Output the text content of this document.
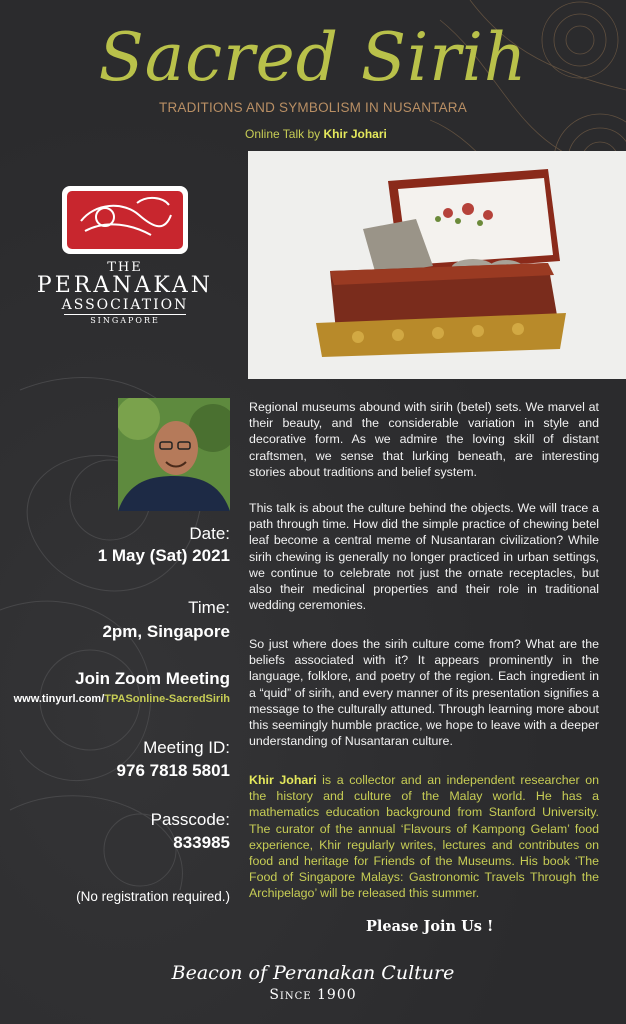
Sacred Sirih
TRADITIONS AND SYMBOLISM IN NUSANTARA
Online Talk by Khir Johari
THE
PERANAKAN
ASSOCIATION
SINGAPORE
Date:
1 May (Sat) 2021
Time:
2pm, Singapore
Join Zoom Meeting
www.tinyurl.com/TPASonline-SacredSirih
Meeting ID:
976 7818 5801
Passcode:
833985
(No registration required.)
Regional museums abound with sirih (betel) sets. We marvel at their beauty, and the considerable variation in style and decorative form. As we admire the loving skill of distant craftsmen, we sense that lurking beneath, are interesting stories about traditions and belief system.
This talk is about the culture behind the objects. We will trace a path through time. How did the simple practice of chewing betel leaf become a central meme of Nusantaran civilization? While sirih chewing is generally no longer practiced in urban settings, we continue to celebrate not just the ornate receptacles, but also their medicinal properties and their role in traditional wedding ceremonies.
So just where does the sirih culture come from? What are the beliefs associated with it? It appears prominently in the language, folklore, and poetry of the region. Each ingredient in a “quid” of sirih, and every manner of its presentation signifies a message to the culturally attuned. Through learning more about this seemingly humble practice, we hope to leave with a deeper understanding of Nusantaran culture.
Khir Johari is a collector and an independent researcher on the history and culture of the Malay world. He has a mathematics education background from Stanford University. The curator of the annual ‘Flavours of Kampong Gelam’ food experience, Khir regularly writes, lectures and contributes on food and heritage for Friends of the Museums. His book ‘The Food of Singapore Malays: Gastronomic Travels Through the Archipelago’ will be released this summer.
Please Join Us !
Beacon of Peranakan Culture
Since 1900
